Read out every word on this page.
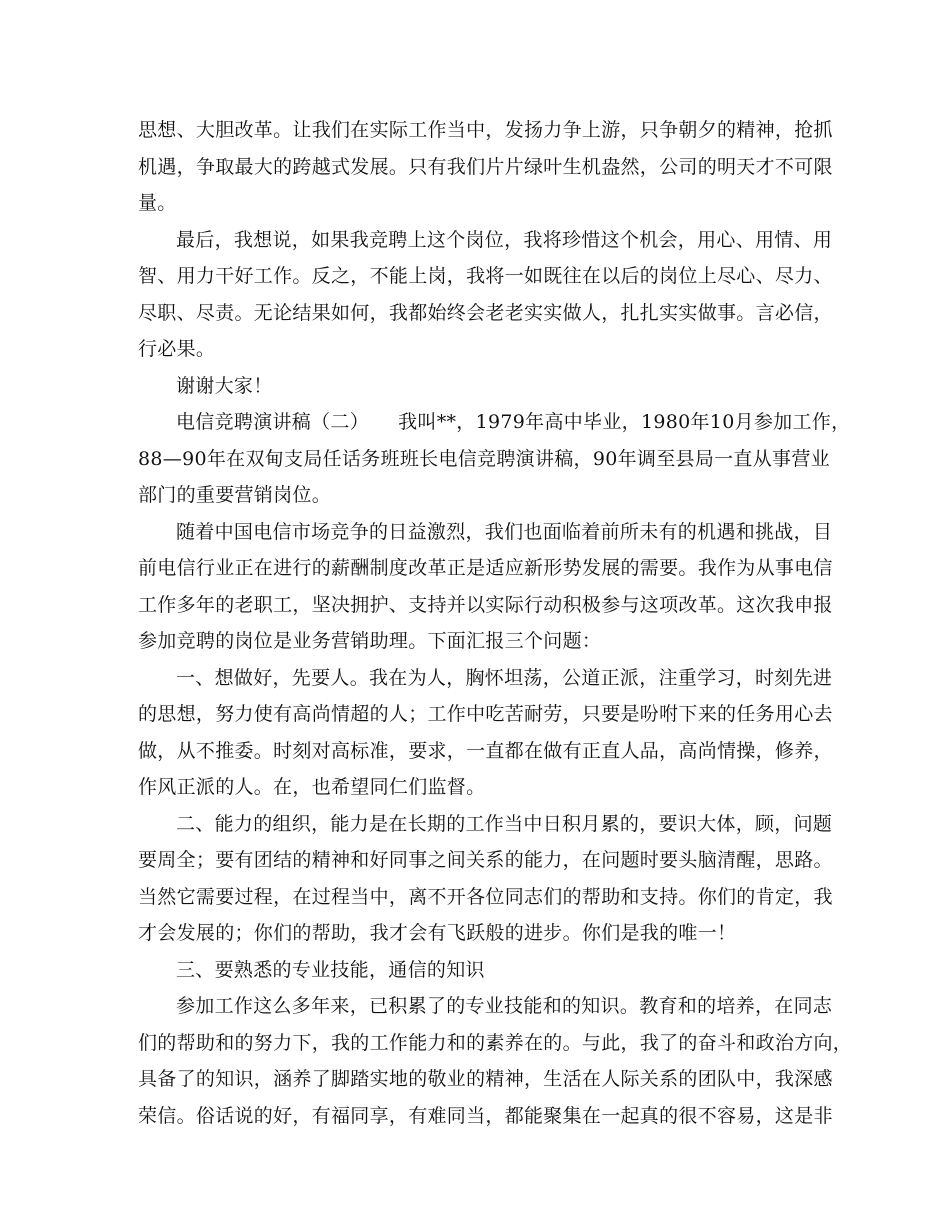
思想、大胆改革。让我们在实际工作当中，发扬力争上游，只争朝夕的精神，抢抓
机遇，争取最大的跨越式发展。只有我们片片绿叶生机盎然，公司的明天才不可限
量。
最后，我想说，如果我竞聘上这个岗位，我将珍惜这个机会，用心、用情、用
智、用力干好工作。反之，不能上岗，我将一如既往在以后的岗位上尽心、尽力、
尽职、尽责。无论结果如何，我都始终会老老实实做人，扎扎实实做事。言必信，
行必果。
谢谢大家！
电信竞聘演讲稿（二）　　我叫**，1979年高中毕业，1980年10月参加工作，
88—90年在双甸支局任话务班班长电信竞聘演讲稿，90年调至县局一直从事营业
部门的重要营销岗位。
随着中国电信市场竞争的日益激烈，我们也面临着前所未有的机遇和挑战，目
前电信行业正在进行的薪酬制度改革正是适应新形势发展的需要。我作为从事电信
工作多年的老职工，坚决拥护、支持并以实际行动积极参与这项改革。这次我申报
参加竞聘的岗位是业务营销助理。下面汇报三个问题：
一、想做好，先要人。我在为人，胸怀坦荡，公道正派，注重学习，时刻先进
的思想，努力使有高尚情超的人；工作中吃苦耐劳，只要是吩咐下来的任务用心去
做，从不推委。时刻对高标准，要求，一直都在做有正直人品，高尚情操，修养，
作风正派的人。在，也希望同仁们监督。
二、能力的组织，能力是在长期的工作当中日积月累的，要识大体，顾，问题
要周全；要有团结的精神和好同事之间关系的能力，在问题时要头脑清醒，思路。
当然它需要过程，在过程当中，离不开各位同志们的帮助和支持。你们的肯定，我
才会发展的；你们的帮助，我才会有飞跃般的进步。你们是我的唯一！
三、要熟悉的专业技能，通信的知识
参加工作这么多年来，已积累了的专业技能和的知识。教育和的培养，在同志
们的帮助和的努力下，我的工作能力和的素养在的。与此，我了的奋斗和政治方向，
具备了的知识，涵养了脚踏实地的敬业的精神，生活在人际关系的团队中，我深感
荣信。俗话说的好，有福同享，有难同当，都能聚集在一起真的很不容易，这是非
